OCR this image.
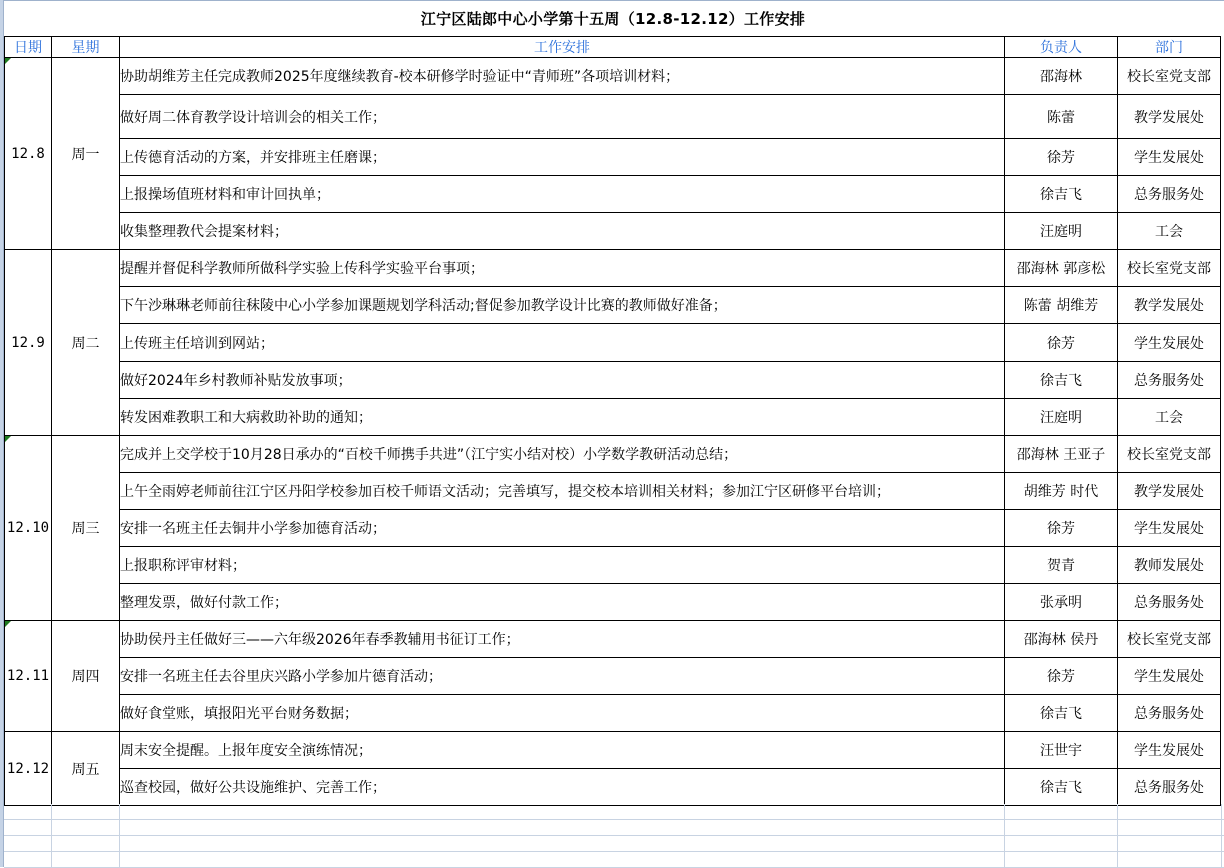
江宁区陆郎中心小学第十五周（12.8-12.12）工作安排
日期	星期	工作安排	负责人	部门

12.8	周一	协助胡维芳主任完成教师2025年度继续教育-校本研修学时验证中“青师班”各项培训材料；	邵海林	校长室党支部
		做好周二体育教学设计培训会的相关工作；	陈蕾	教学发展处
		上传德育活动的方案，并安排班主任磨课；	徐芳	学生发展处
		上报操场值班材料和审计回执单；	徐吉飞	总务服务处
		收集整理教代会提案材料；	汪庭明	工会
12.9	周二	提醒并督促科学教师所做科学实验上传科学实验平台事项；	邵海林 郭彦松	校长室党支部
		下午沙琳琳老师前往秣陵中心小学参加课题规划学科活动;督促参加教学设计比赛的教师做好准备；	陈蕾 胡维芳	教学发展处
		上传班主任培训到网站；	徐芳	学生发展处
		做好2024年乡村教师补贴发放事项；	徐吉飞	总务服务处
		转发困难教职工和大病救助补助的通知；	汪庭明	工会

12.10	周三	完成并上交学校于10月28日承办的“百校千师携手共进”（江宁实小结对校）小学数学教研活动总结；	邵海林 王亚子	校长室党支部
		上午全雨婷老师前往江宁区丹阳学校参加百校千师语文活动；完善填写，提交校本培训相关材料；参加江宁区研修平台培训；	胡维芳 时代	教学发展处
		安排一名班主任去铜井小学参加德育活动；	徐芳	学生发展处
		上报职称评审材料；	贺青	教师发展处
		整理发票，做好付款工作；	张承明	总务服务处

12.11	周四	协助侯丹主任做好三——六年级2026年春季教辅用书征订工作；	邵海林 侯丹	校长室党支部
		安排一名班主任去谷里庆兴路小学参加片德育活动；	徐芳	学生发展处
		做好食堂账，填报阳光平台财务数据；	徐吉飞	总务服务处
12.12	周五	周末安全提醒。上报年度安全演练情况；	汪世宇	学生发展处
		巡查校园，做好公共设施维护、完善工作；	徐吉飞	总务服务处
